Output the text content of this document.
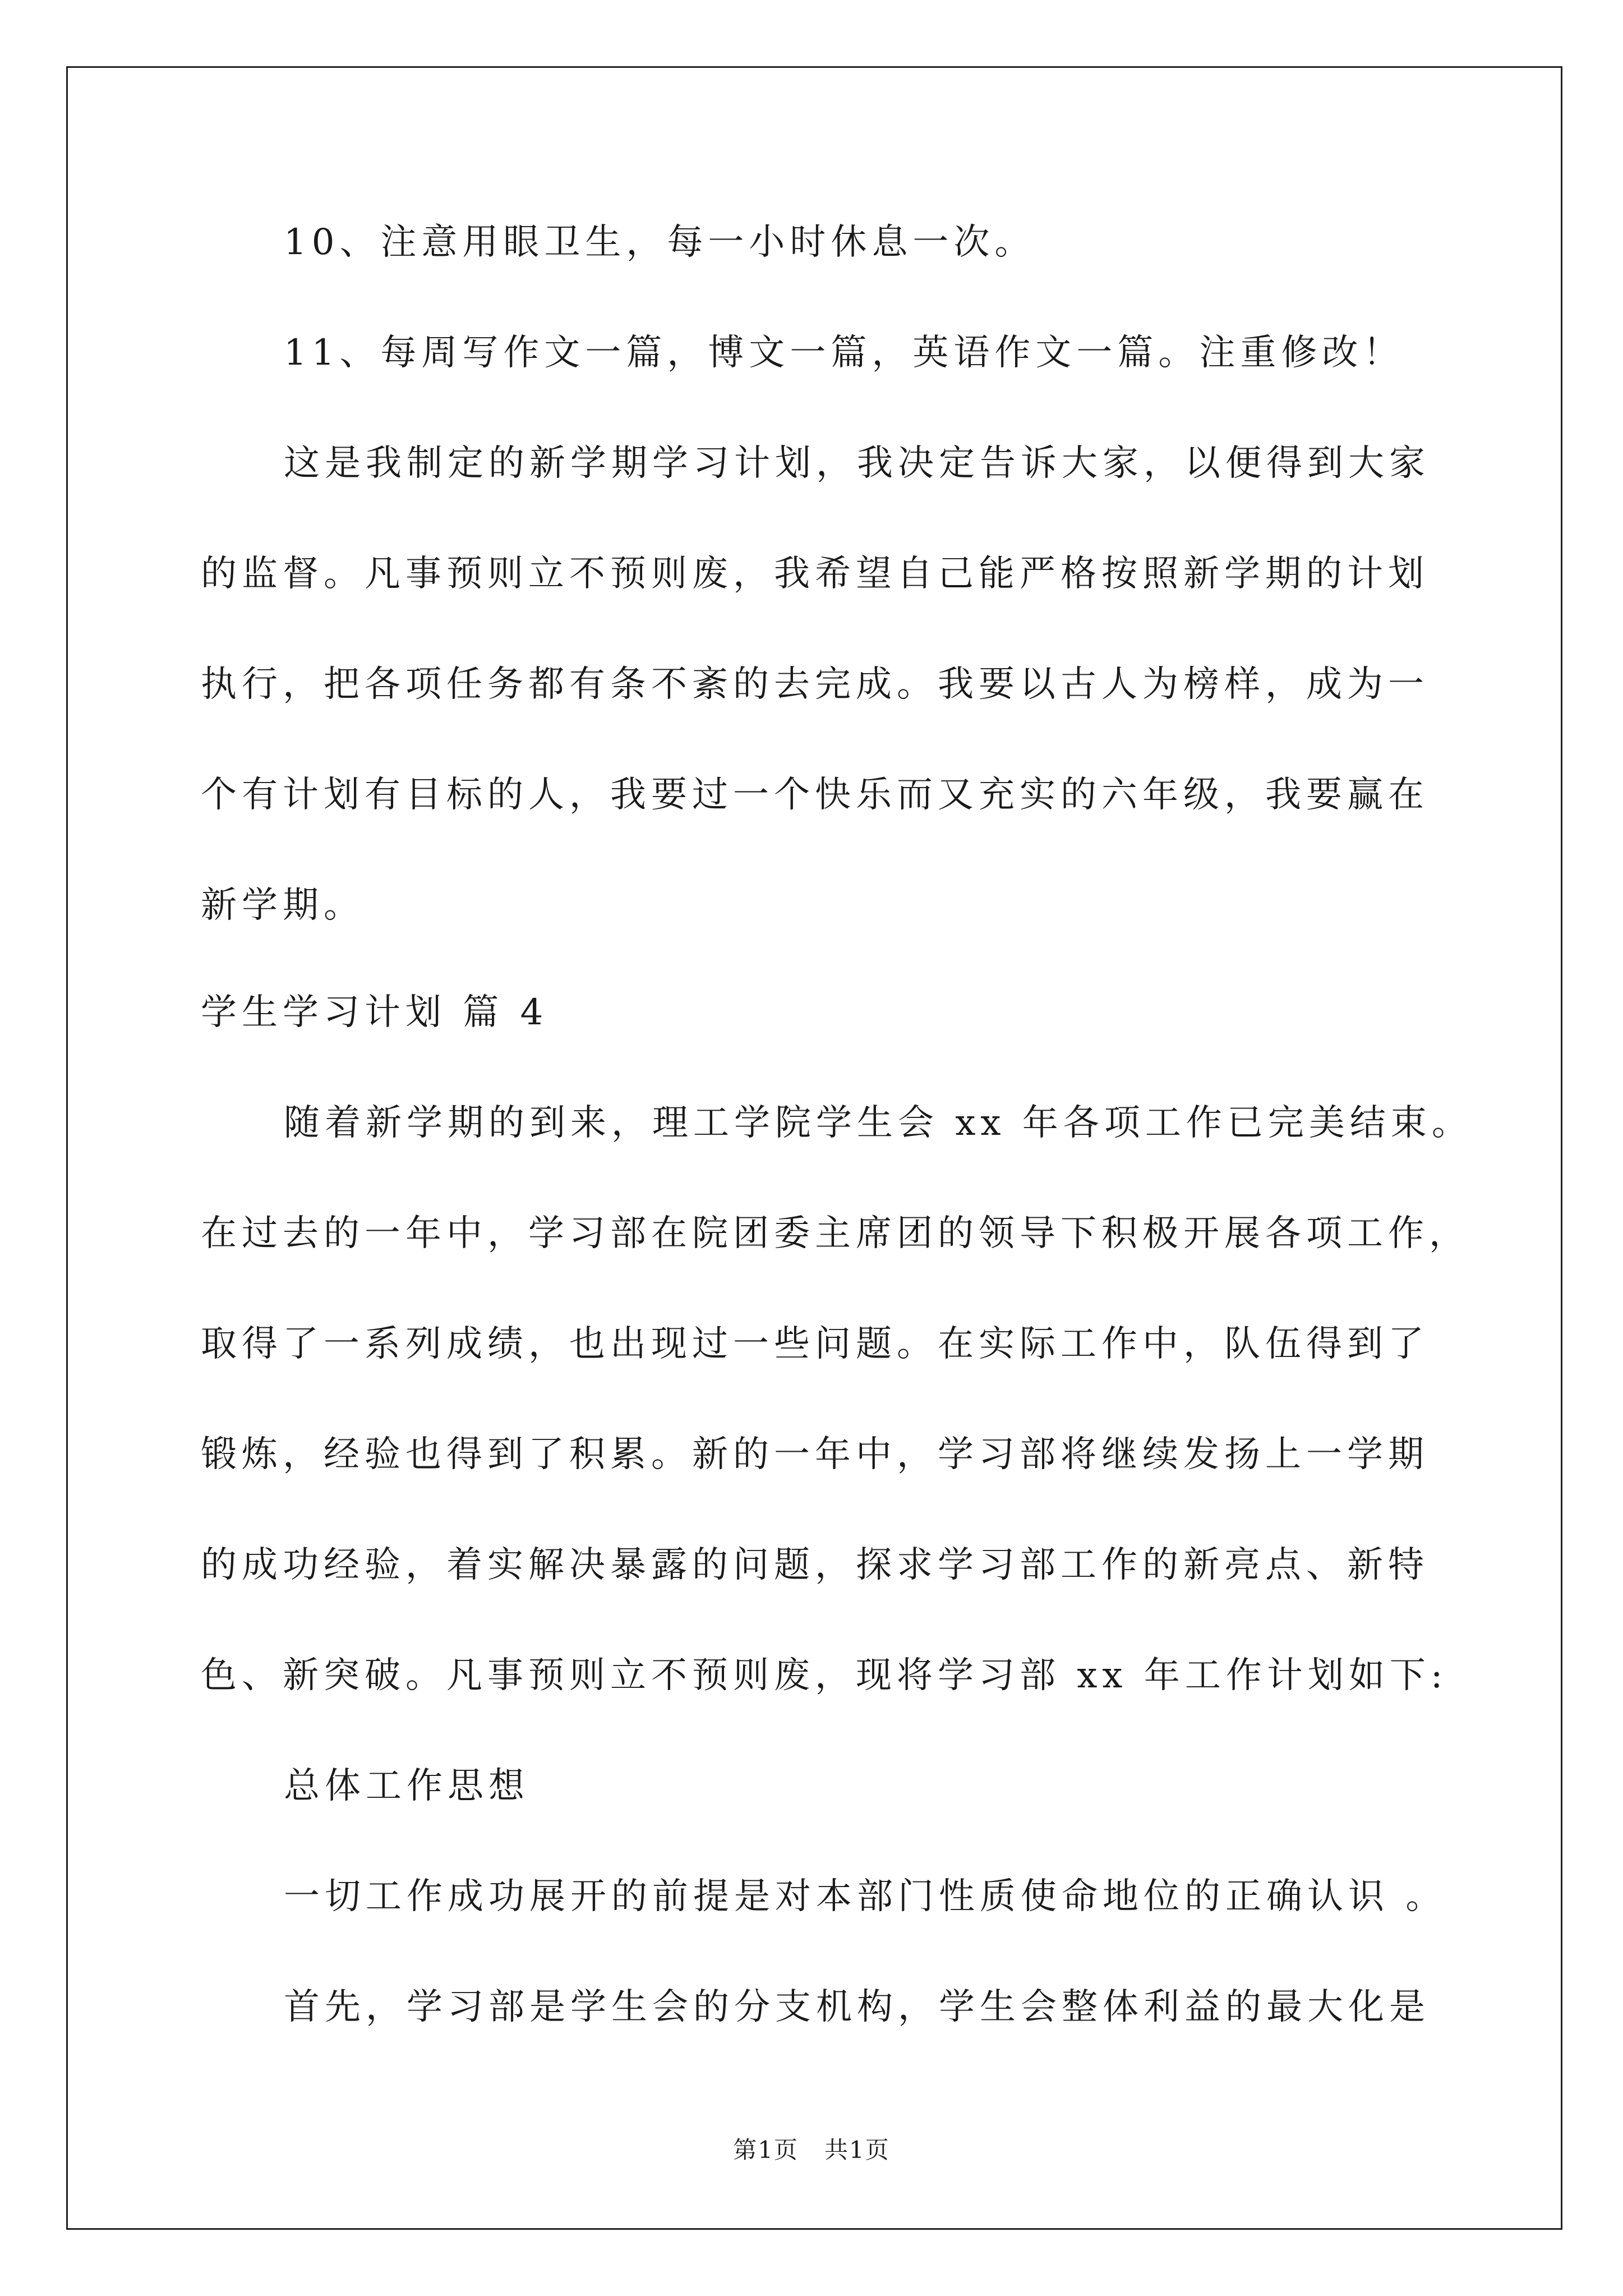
10、注意用眼卫生，每一小时休息一次。
11、每周写作文一篇，博文一篇，英语作文一篇。注重修改！
这是我制定的新学期学习计划，我决定告诉大家，以便得到大家
的监督。凡事预则立不预则废，我希望自己能严格按照新学期的计划
执行，把各项任务都有条不紊的去完成。我要以古人为榜样，成为一
个有计划有目标的人，我要过一个快乐而又充实的六年级，我要赢在
新学期。
学生学习计划 篇 4
随着新学期的到来，理工学院学生会 xx 年各项工作已完美结束。
在过去的一年中，学习部在院团委主席团的领导下积极开展各项工作，
取得了一系列成绩，也出现过一些问题。在实际工作中，队伍得到了
锻炼，经验也得到了积累。新的一年中，学习部将继续发扬上一学期
的成功经验，着实解决暴露的问题，探求学习部工作的新亮点、新特
色、新突破。凡事预则立不预则废，现将学习部 xx 年工作计划如下:
总体工作思想
一切工作成功展开的前提是对本部门性质使命地位的正确认识 。
首先，学习部是学生会的分支机构，学生会整体利益的最大化是
第1页   共1页
